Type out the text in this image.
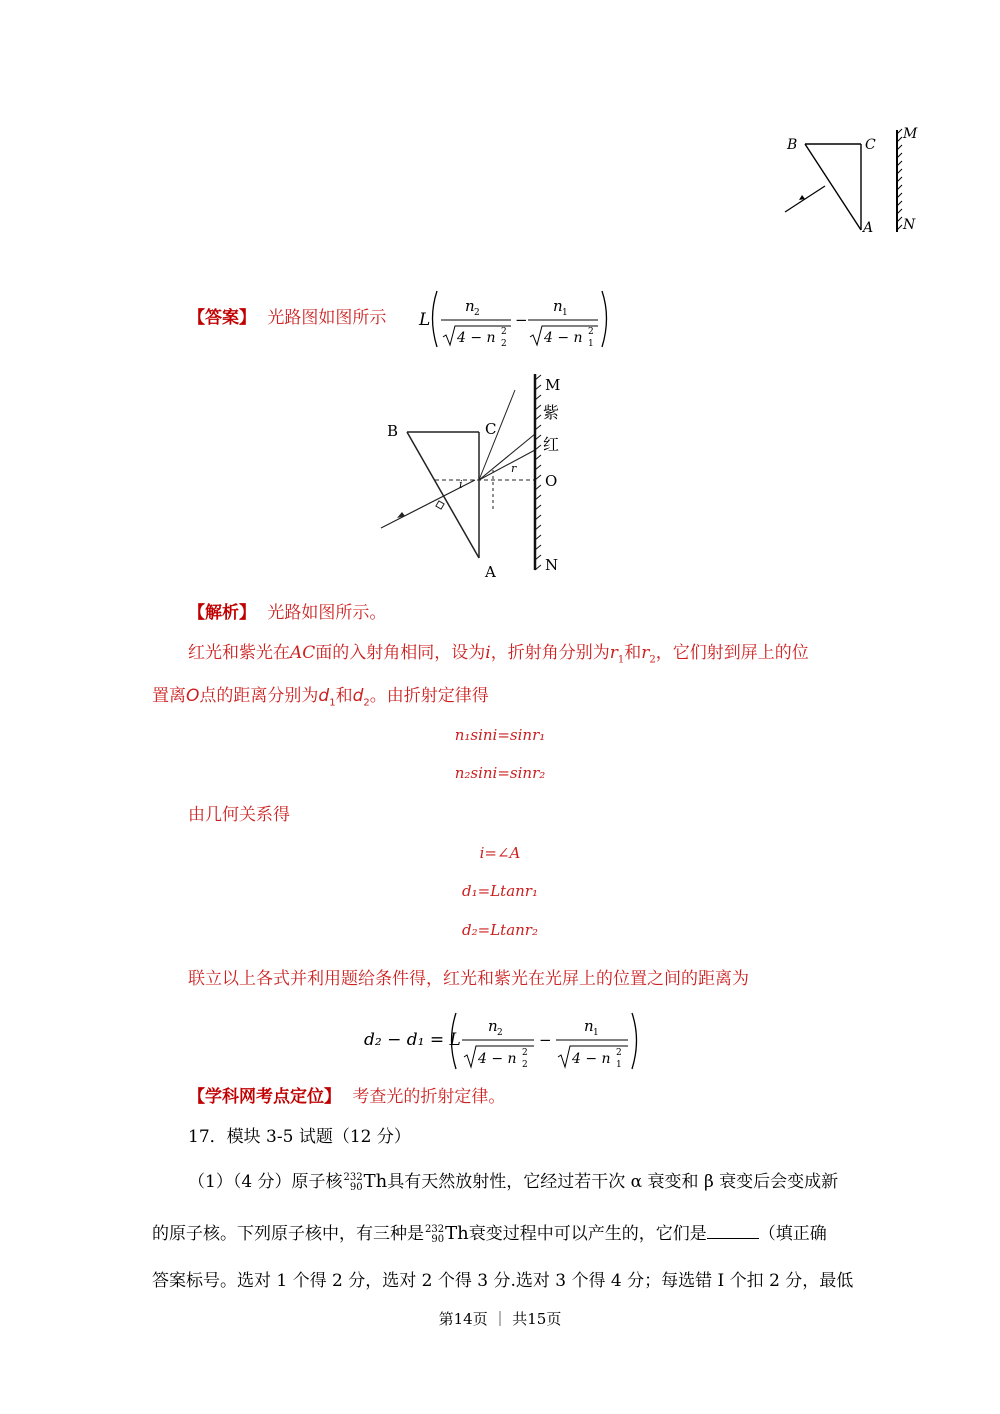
B	C
A
M
N
【答案】 光路图如图所示 L
n 2
4 − n 2
2
−
n 1
4 − n 2
1
B	C
A
M
紫
红
O
N
r
i
【解析】 光路如图所示。
红光和紫光在AC面的入射角相同，设为i，折射角分别为$r_1$和$r_2$，它们射到屏上的位
置离O点的距离分别为$d_1$和$d_2$。由折射定律得
n₁sini=sinr₁
n₂sini=sinr₂
由几何关系得
i=∠A
d₁=Ltanr₁
d₂=Ltanr₂
联立以上各式并利用题给条件得，红光和紫光在光屏上的位置之间的距离为
d₂ − d₁ = L
n 2
4 − n 2
2
−
n 1
4 − n 2
1
【学科网考点定位】 考查光的折射定律。
17．模块 3-5 试题（12 分）
（1）（4 分）原子核232
90Th具有天然放射性，它经过若干次 α 衰变和 β 衰变后会变成新
的原子核。下列原子核中，有三种是232
90Th衰变过程中可以产生的，它们是	（填正确
答案标号。选对 1 个得 2 分，选对 2 个得 3 分.选对 3 个得 4 分；每选错 I 个扣 2 分，最低
第14页 ｜ 共15页
